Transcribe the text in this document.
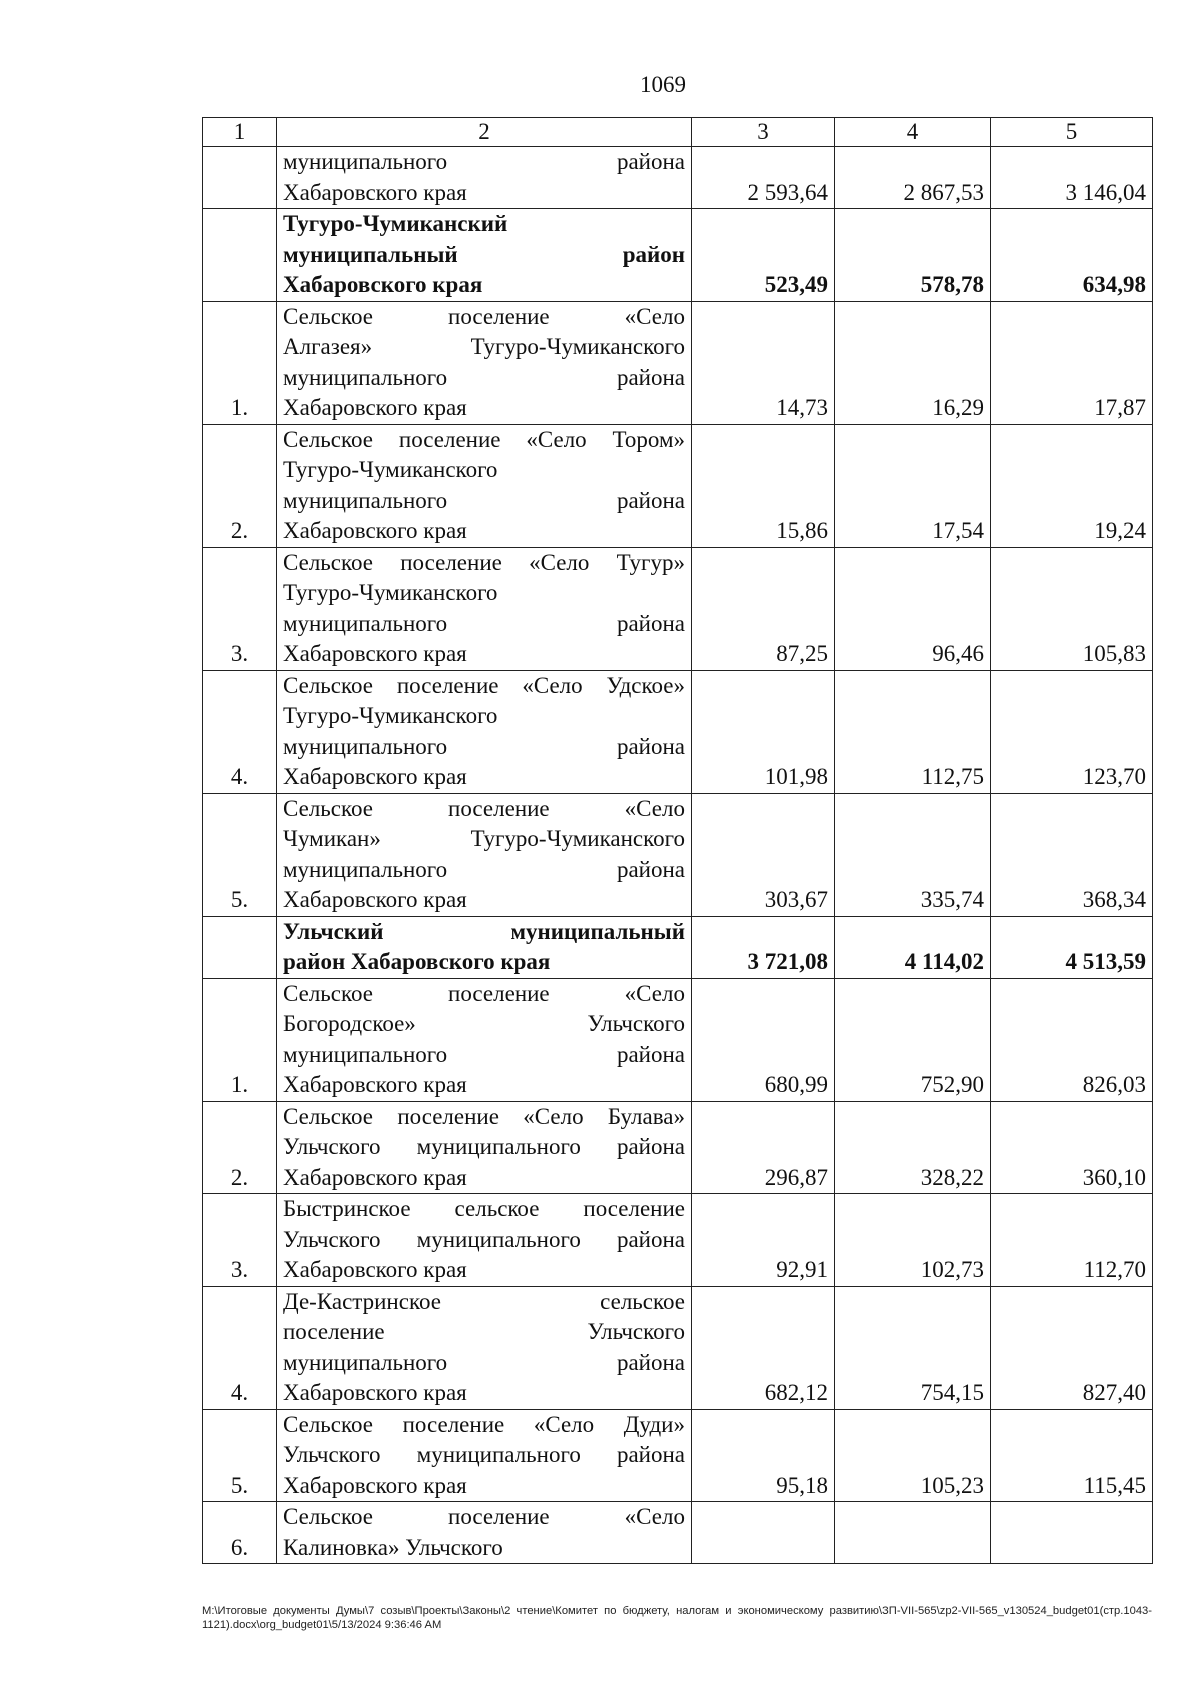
1069
1	2	3	4	5

	муниципального района
Хабаровского края	2 593,64	2 867,53	3 146,04

	Тугуро-Чумиканский
муниципальный район
Хабаровского края	523,49	578,78	634,98
1.	Сельское поселение «Село
Алгазея» Тугуро-Чумиканского
муниципального района
Хабаровского края	14,73	16,29	17,87
2.	Сельское поселение «Село Тором»
Тугуро-Чумиканского
муниципального района
Хабаровского края	15,86	17,54	19,24
3.	Сельское поселение «Село Тугур»
Тугуро-Чумиканского
муниципального района
Хабаровского края	87,25	96,46	105,83
4.	Сельское поселение «Село Удское»
Тугуро-Чумиканского
муниципального района
Хабаровского края	101,98	112,75	123,70
5.	Сельское поселение «Село
Чумикан» Тугуро-Чумиканского
муниципального района
Хабаровского края	303,67	335,74	368,34

	Ульчский муниципальный
район Хабаровского края	3 721,08	4 114,02	4 513,59
1.	Сельское поселение «Село
Богородское» Ульчского
муниципального района
Хабаровского края	680,99	752,90	826,03
2.	Сельское поселение «Село Булава»
Ульчского муниципального района
Хабаровского края	296,87	328,22	360,10
3.	Быстринское сельское поселение
Ульчского муниципального района
Хабаровского края	92,91	102,73	112,70
4.	Де-Кастринское сельское
поселение Ульчского
муниципального района
Хабаровского края	682,12	754,15	827,40
5.	Сельское поселение «Село Дуди»
Ульчского муниципального района
Хабаровского края	95,18	105,23	115,45
6.	Сельское поселение «Село
Калиновка» Ульчского			

M:\Итоговые документы Думы\7 созыв\Проекты\Законы\2 чтение\Комитет по бюджету, налогам и экономическому развитию\ЗП-VII-565\zp2-VII-565_v130524_budget01(стр.1043-1121).docx\org_budget01\5/13/2024 9:36:46 AM
